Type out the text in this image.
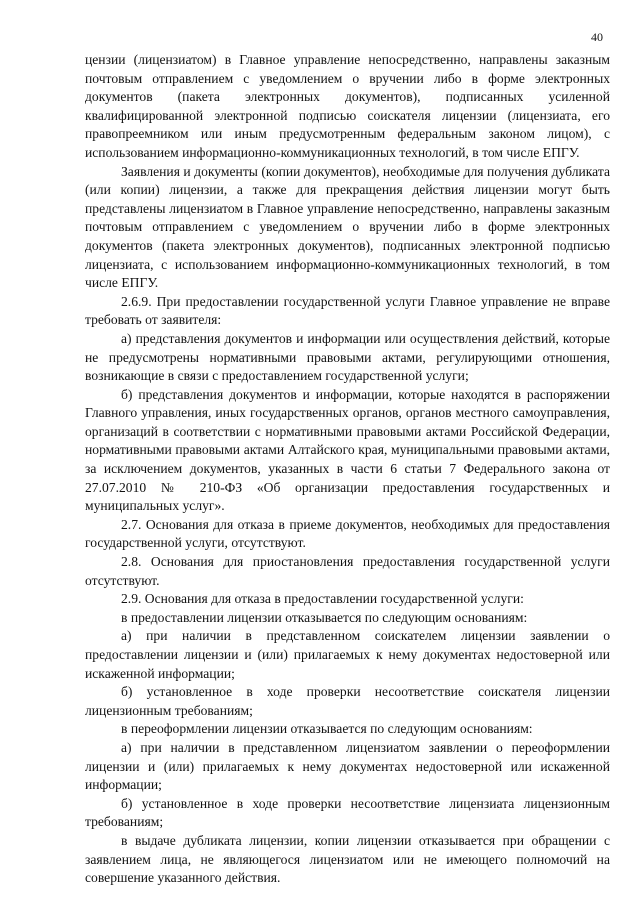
40

цензии (лицензиатом) в Главное управление непосредственно, направлены заказным почтовым отправлением с уведомлением о вручении либо в форме электронных документов (пакета электронных документов), подписанных усиленной квалифицированной электронной подписью соискателя лицензии (лицензиата, его правопреемником или иным предусмотренным федеральным законом лицом), с использованием информационно-коммуникационных технологий, в том числе ЕПГУ.

Заявления и документы (копии документов), необходимые для получения дубликата (или копии) лицензии, а также для прекращения действия лицензии могут быть представлены лицензиатом в Главное управление непосредственно, направлены заказным почтовым отправлением с уведомлением о вручении либо в форме электронных документов (пакета электронных документов), подписанных электронной подписью лицензиата, с использованием информационно-коммуникационных технологий, в том числе ЕПГУ.

2.6.9. При предоставлении государственной услуги Главное управление не вправе требовать от заявителя:

а) представления документов и информации или осуществления действий, которые не предусмотрены нормативными правовыми актами, регулирующими отношения, возникающие в связи с предоставлением государственной услуги;

б) представления документов и информации, которые находятся в распоряжении Главного управления, иных государственных органов, органов местного самоуправления, организаций в соответствии с нормативными правовыми актами Российской Федерации, нормативными правовыми актами Алтайского края, муниципальными правовыми актами, за исключением документов, указанных в части 6 статьи 7 Федерального закона от 27.07.2010 № 210-ФЗ «Об организации предоставления государственных и муниципальных услуг».

2.7. Основания для отказа в приеме документов, необходимых для предоставления государственной услуги, отсутствуют.

2.8. Основания для приостановления предоставления государственной услуги отсутствуют.

2.9. Основания для отказа в предоставлении государственной услуги:

в предоставлении лицензии отказывается по следующим основаниям:

а) при наличии в представленном соискателем лицензии заявлении о предоставлении лицензии и (или) прилагаемых к нему документах недостоверной или искаженной информации;

б) установленное в ходе проверки несоответствие соискателя лицензии лицензионным требованиям;

в переоформлении лицензии отказывается по следующим основаниям:

а) при наличии в представленном лицензиатом заявлении о переоформлении лицензии и (или) прилагаемых к нему документах недостоверной или искаженной информации;

б) установленное в ходе проверки несоответствие лицензиата лицензионным требованиям;

в выдаче дубликата лицензии, копии лицензии отказывается при обращении с заявлением лица, не являющегося лицензиатом или не имеющего полномочий на совершение указанного действия.
